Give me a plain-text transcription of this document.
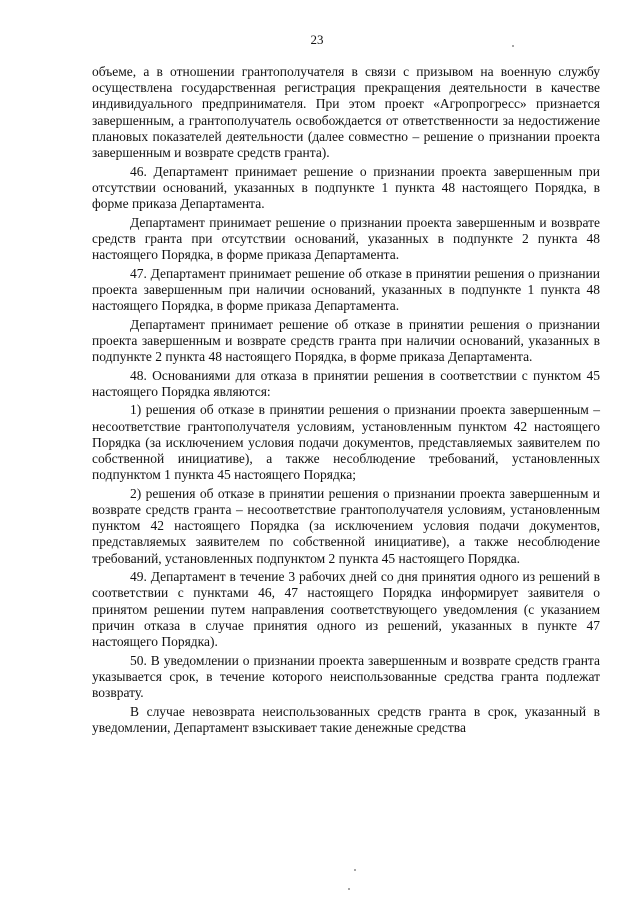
23

объеме, а в отношении грантополучателя в связи с призывом на военную службу осуществлена государственная регистрация прекращения деятельности в качестве индивидуального предпринимателя. При этом проект «Агропрогресс» признается завершенным, а грантополучатель освобождается от ответственности за недостижение плановых показателей деятельности (далее совместно – решение о признании проекта завершенным и возврате средств гранта).

46. Департамент принимает решение о признании проекта завершенным при отсутствии оснований, указанных в подпункте 1 пункта 48 настоящего Порядка, в форме приказа Департамента.

Департамент принимает решение о признании проекта завершенным и возврате средств гранта при отсутствии оснований, указанных в подпункте 2 пункта 48 настоящего Порядка, в форме приказа Департамента.

47. Департамент принимает решение об отказе в принятии решения о признании проекта завершенным при наличии оснований, указанных в подпункте 1 пункта 48 настоящего Порядка, в форме приказа Департамента.

Департамент принимает решение об отказе в принятии решения о признании проекта завершенным и возврате средств гранта при наличии оснований, указанных в подпункте 2 пункта 48 настоящего Порядка, в форме приказа Департамента.

48. Основаниями для отказа в принятии решения в соответствии с пунктом 45 настоящего Порядка являются:

1) решения об отказе в принятии решения о признании проекта завершенным – несоответствие грантополучателя условиям, установленным пунктом 42 настоящего Порядка (за исключением условия подачи документов, представляемых заявителем по собственной инициативе), а также несоблюдение требований, установленных подпунктом 1 пункта 45 настоящего Порядка;

2) решения об отказе в принятии решения о признании проекта завершенным и возврате средств гранта – несоответствие грантополучателя условиям, установленным пунктом 42 настоящего Порядка (за исключением условия подачи документов, представляемых заявителем по собственной инициативе), а также несоблюдение требований, установленных подпунктом 2 пункта 45 настоящего Порядка.

49. Департамент в течение 3 рабочих дней со дня принятия одного из решений в соответствии с пунктами 46, 47 настоящего Порядка информирует заявителя о принятом решении путем направления соответствующего уведомления (с указанием причин отказа в случае принятия одного из решений, указанных в пункте 47 настоящего Порядка).

50. В уведомлении о признании проекта завершенным и возврате средств гранта указывается срок, в течение которого неиспользованные средства гранта подлежат возврату.

В случае невозврата неиспользованных средств гранта в срок, указанный в уведомлении, Департамент взыскивает такие денежные средства
